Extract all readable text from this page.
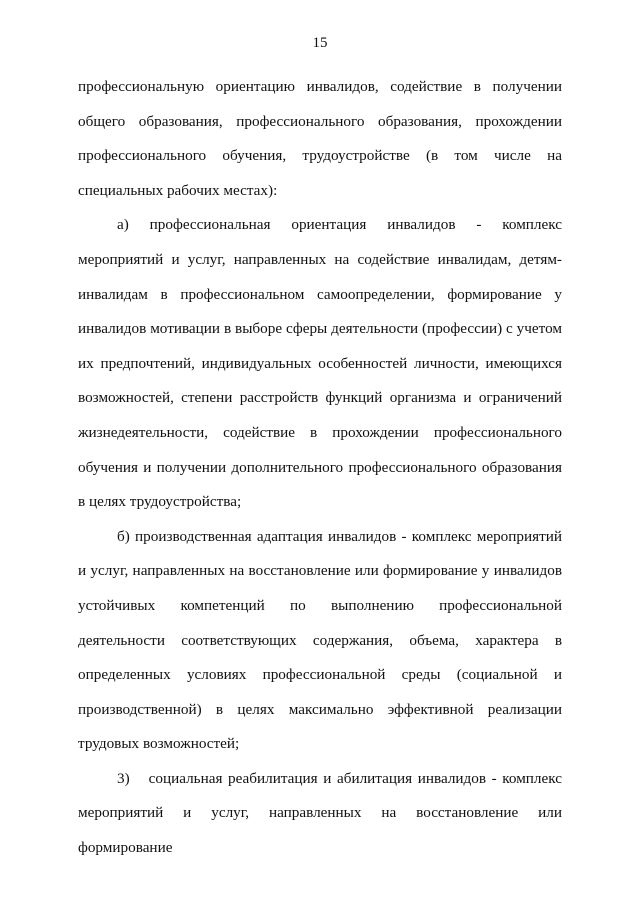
15

профессиональную ориентацию инвалидов, содействие в получении общего образования, профессионального образования, прохождении профессионального обучения, трудоустройстве (в том числе на специальных рабочих местах):

а) профессиональная ориентация инвалидов - комплекс мероприятий и услуг, направленных на содействие инвалидам, детям-инвалидам в профессиональном самоопределении, формирование у инвалидов мотивации в выборе сферы деятельности (профессии) с учетом их предпочтений, индивидуальных особенностей личности, имеющихся возможностей, степени расстройств функций организма и ограничений жизнедеятельности, содействие в прохождении профессионального обучения и получении дополнительного профессионального образования в целях трудоустройства;

б) производственная адаптация инвалидов - комплекс мероприятий и услуг, направленных на восстановление или формирование у инвалидов устойчивых компетенций по выполнению профессиональной деятельности соответствующих содержания, объема, характера в определенных условиях профессиональной среды (социальной и производственной) в целях максимально эффективной реализации трудовых возможностей;

3) социальная реабилитация и абилитация инвалидов - комплекс мероприятий и услуг, направленных на восстановление или формирование
